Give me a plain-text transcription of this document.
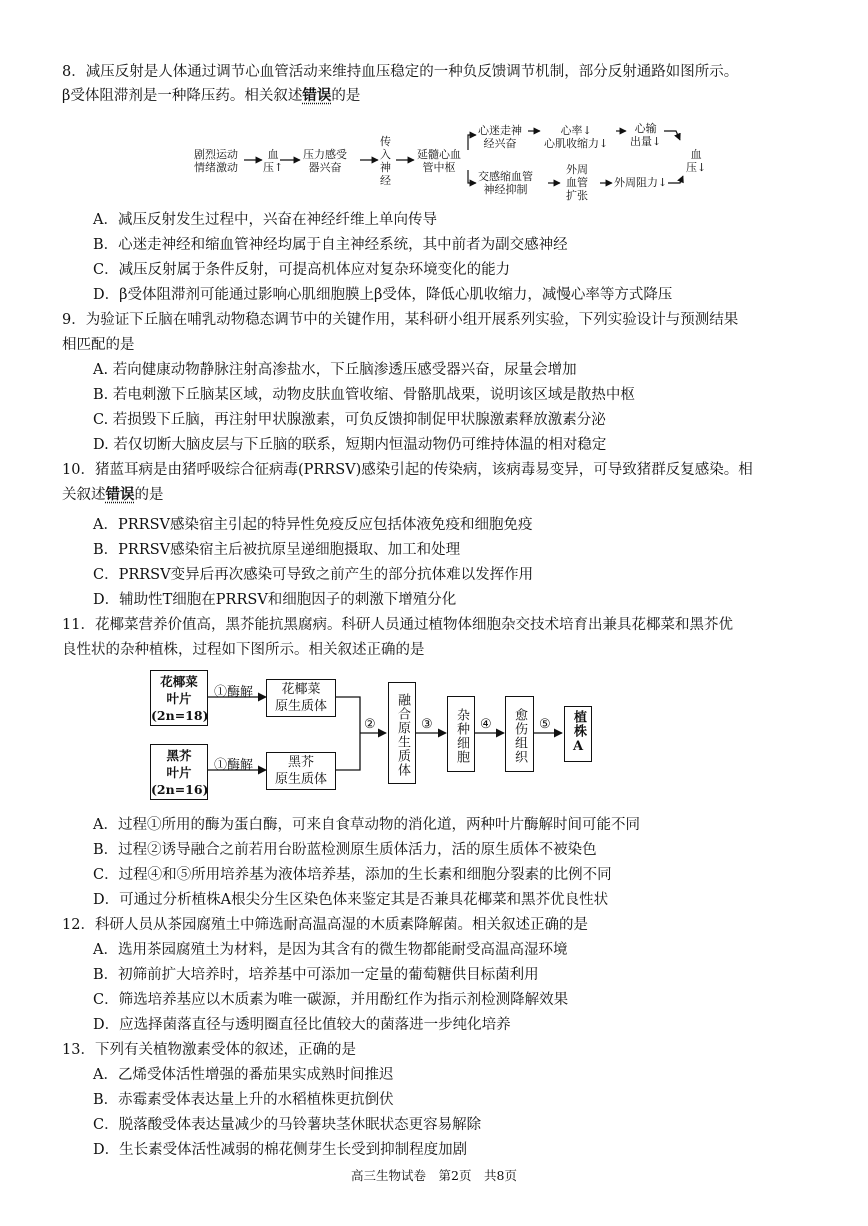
8．减压反射是人体通过调节心血管活动来维持血压稳定的一种负反馈调节机制，部分反射通路如图所示。
β受体阻滞剂是一种降压药。相关叙述错误的是
剧烈运动
情绪激动
血
压↑
压力感受
器兴奋
传
入
神
经
延髓心血
管中枢
心迷走神
经兴奋
交感缩血管
神经抑制
心率↓
心肌收缩力↓
心输
出量↓
外周
血管
扩张
外周阻力↓
血
压↓
A．减压反射发生过程中，兴奋在神经纤维上单向传导
B．心迷走神经和缩血管神经均属于自主神经系统，其中前者为副交感神经
C．减压反射属于条件反射，可提高机体应对复杂环境变化的能力
D．β受体阻滞剂可能通过影响心肌细胞膜上β受体，降低心肌收缩力，减慢心率等方式降压
9．为验证下丘脑在哺乳动物稳态调节中的关键作用，某科研小组开展系列实验，下列实验设计与预测结果
相匹配的是
A. 若向健康动物静脉注射高渗盐水，下丘脑渗透压感受器兴奋，尿量会增加
B. 若电刺激下丘脑某区域，动物皮肤血管收缩、骨骼肌战栗，说明该区域是散热中枢
C. 若损毁下丘脑，再注射甲状腺激素，可负反馈抑制促甲状腺激素释放激素分泌
D. 若仅切断大脑皮层与下丘脑的联系，短期内恒温动物仍可维持体温的相对稳定
10．猪蓝耳病是由猪呼吸综合征病毒(PRRSV)感染引起的传染病，该病毒易变异，可导致猪群反复感染。相
关叙述错误的是
A．PRRSV感染宿主引起的特异性免疫反应包括体液免疫和细胞免疫
B．PRRSV感染宿主后被抗原呈递细胞摄取、加工和处理
C．PRRSV变异后再次感染可导致之前产生的部分抗体难以发挥作用
D．辅助性T细胞在PRRSV和细胞因子的刺激下增殖分化
11．花椰菜营养价值高，黑芥能抗黑腐病。科研人员通过植物体细胞杂交技术培育出兼具花椰菜和黑芥优
良性状的杂种植株，过程如下图所示。相关叙述正确的是
花椰菜
叶片
(2n=18)
①酶解	花椰菜
原生质体
黑芥
叶片
(2n=16)
①酶解	黑芥
原生质体
②	融合原生质体 ③	杂种细胞 ④	愈伤组织 ⑤	植株
A
A．过程①所用的酶为蛋白酶，可来自食草动物的消化道，两种叶片酶解时间可能不同
B．过程②诱导融合之前若用台盼蓝检测原生质体活力，活的原生质体不被染色
C．过程④和⑤所用培养基为液体培养基，添加的生长素和细胞分裂素的比例不同
D．可通过分析植株A根尖分生区染色体来鉴定其是否兼具花椰菜和黑芥优良性状
12．科研人员从茶园腐殖土中筛选耐高温高湿的木质素降解菌。相关叙述正确的是
A．选用茶园腐殖土为材料，是因为其含有的微生物都能耐受高温高湿环境
B．初筛前扩大培养时，培养基中可添加一定量的葡萄糖供目标菌利用
C．筛选培养基应以木质素为唯一碳源，并用酚红作为指示剂检测降解效果
D．应选择菌落直径与透明圈直径比值较大的菌落进一步纯化培养
13．下列有关植物激素受体的叙述，正确的是
A．乙烯受体活性增强的番茄果实成熟时间推迟
B．赤霉素受体表达量上升的水稻植株更抗倒伏
C．脱落酸受体表达量减少的马铃薯块茎休眠状态更容易解除
D．生长素受体活性减弱的棉花侧芽生长受到抑制程度加剧
高三生物试卷　第2页　共8页
